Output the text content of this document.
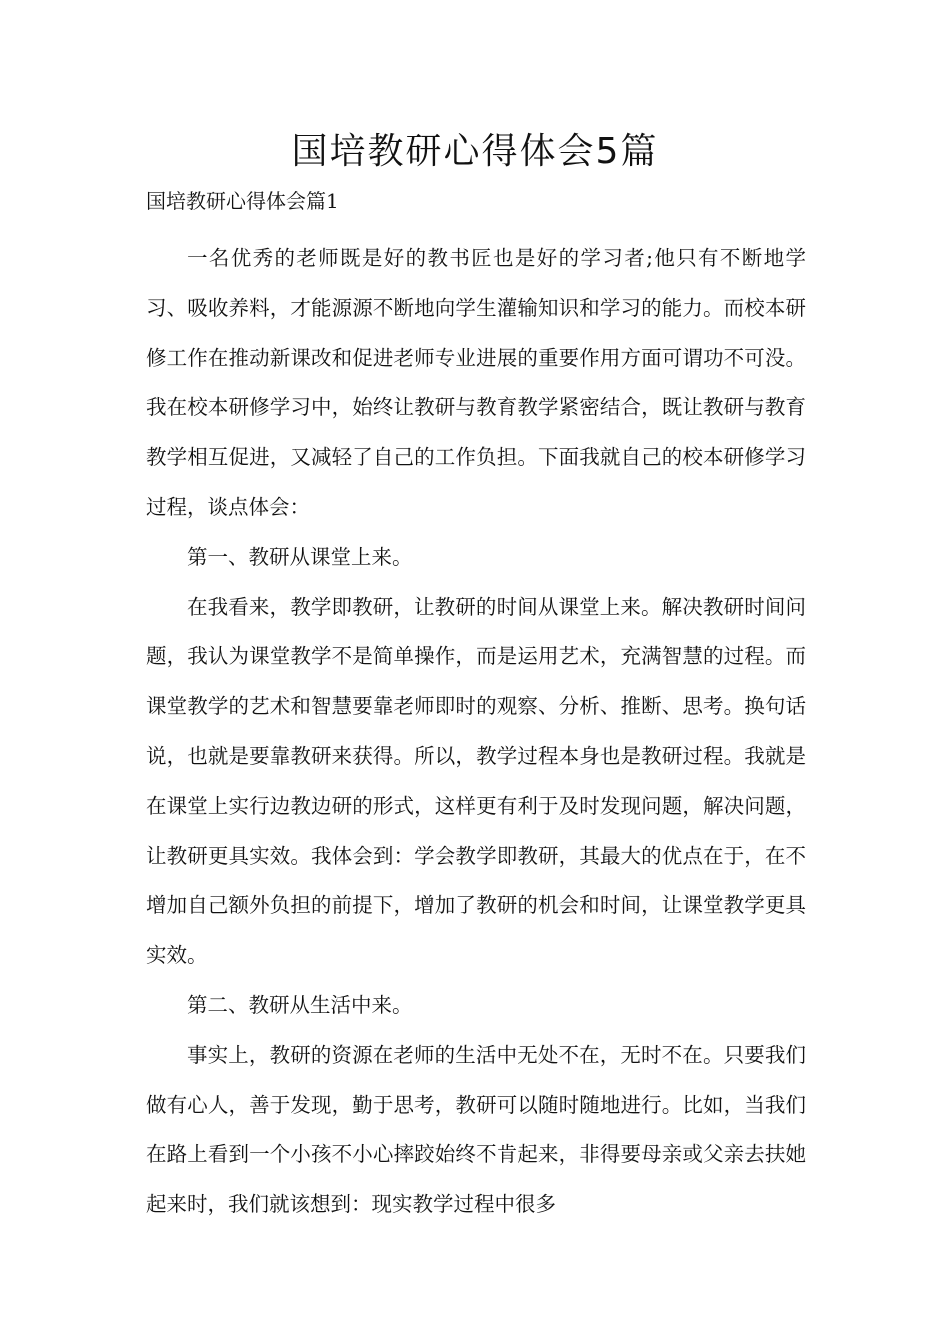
国培教研心得体会5篇
国培教研心得体会篇1

一名优秀的老师既是好的教书匠也是好的学习者;他只有不断地学习、吸收养料，才能源源不断地向学生灌输知识和学习的能力。而校本研修工作在推动新课改和促进老师专业进展的重要作用方面可谓功不可没。我在校本研修学习中，始终让教研与教育教学紧密结合，既让教研与教育教学相互促进，又减轻了自己的工作负担。下面我就自己的校本研修学习过程，谈点体会：

第一、教研从课堂上来。

在我看来，教学即教研，让教研的时间从课堂上来。解决教研时间问题，我认为课堂教学不是简单操作，而是运用艺术，充满智慧的过程。而课堂教学的艺术和智慧要靠老师即时的观察、分析、推断、思考。换句话说，也就是要靠教研来获得。所以，教学过程本身也是教研过程。我就是在课堂上实行边教边研的形式，这样更有利于及时发现问题，解决问题，让教研更具实效。我体会到：学会教学即教研，其最大的优点在于，在不增加自己额外负担的前提下，增加了教研的机会和时间，让课堂教学更具实效。

第二、教研从生活中来。

事实上，教研的资源在老师的生活中无处不在，无时不在。只要我们做有心人，善于发现，勤于思考，教研可以随时随地进行。比如，当我们在路上看到一个小孩不小心摔跤始终不肯起来，非得要母亲或父亲去扶她起来时，我们就该想到：现实教学过程中很多
